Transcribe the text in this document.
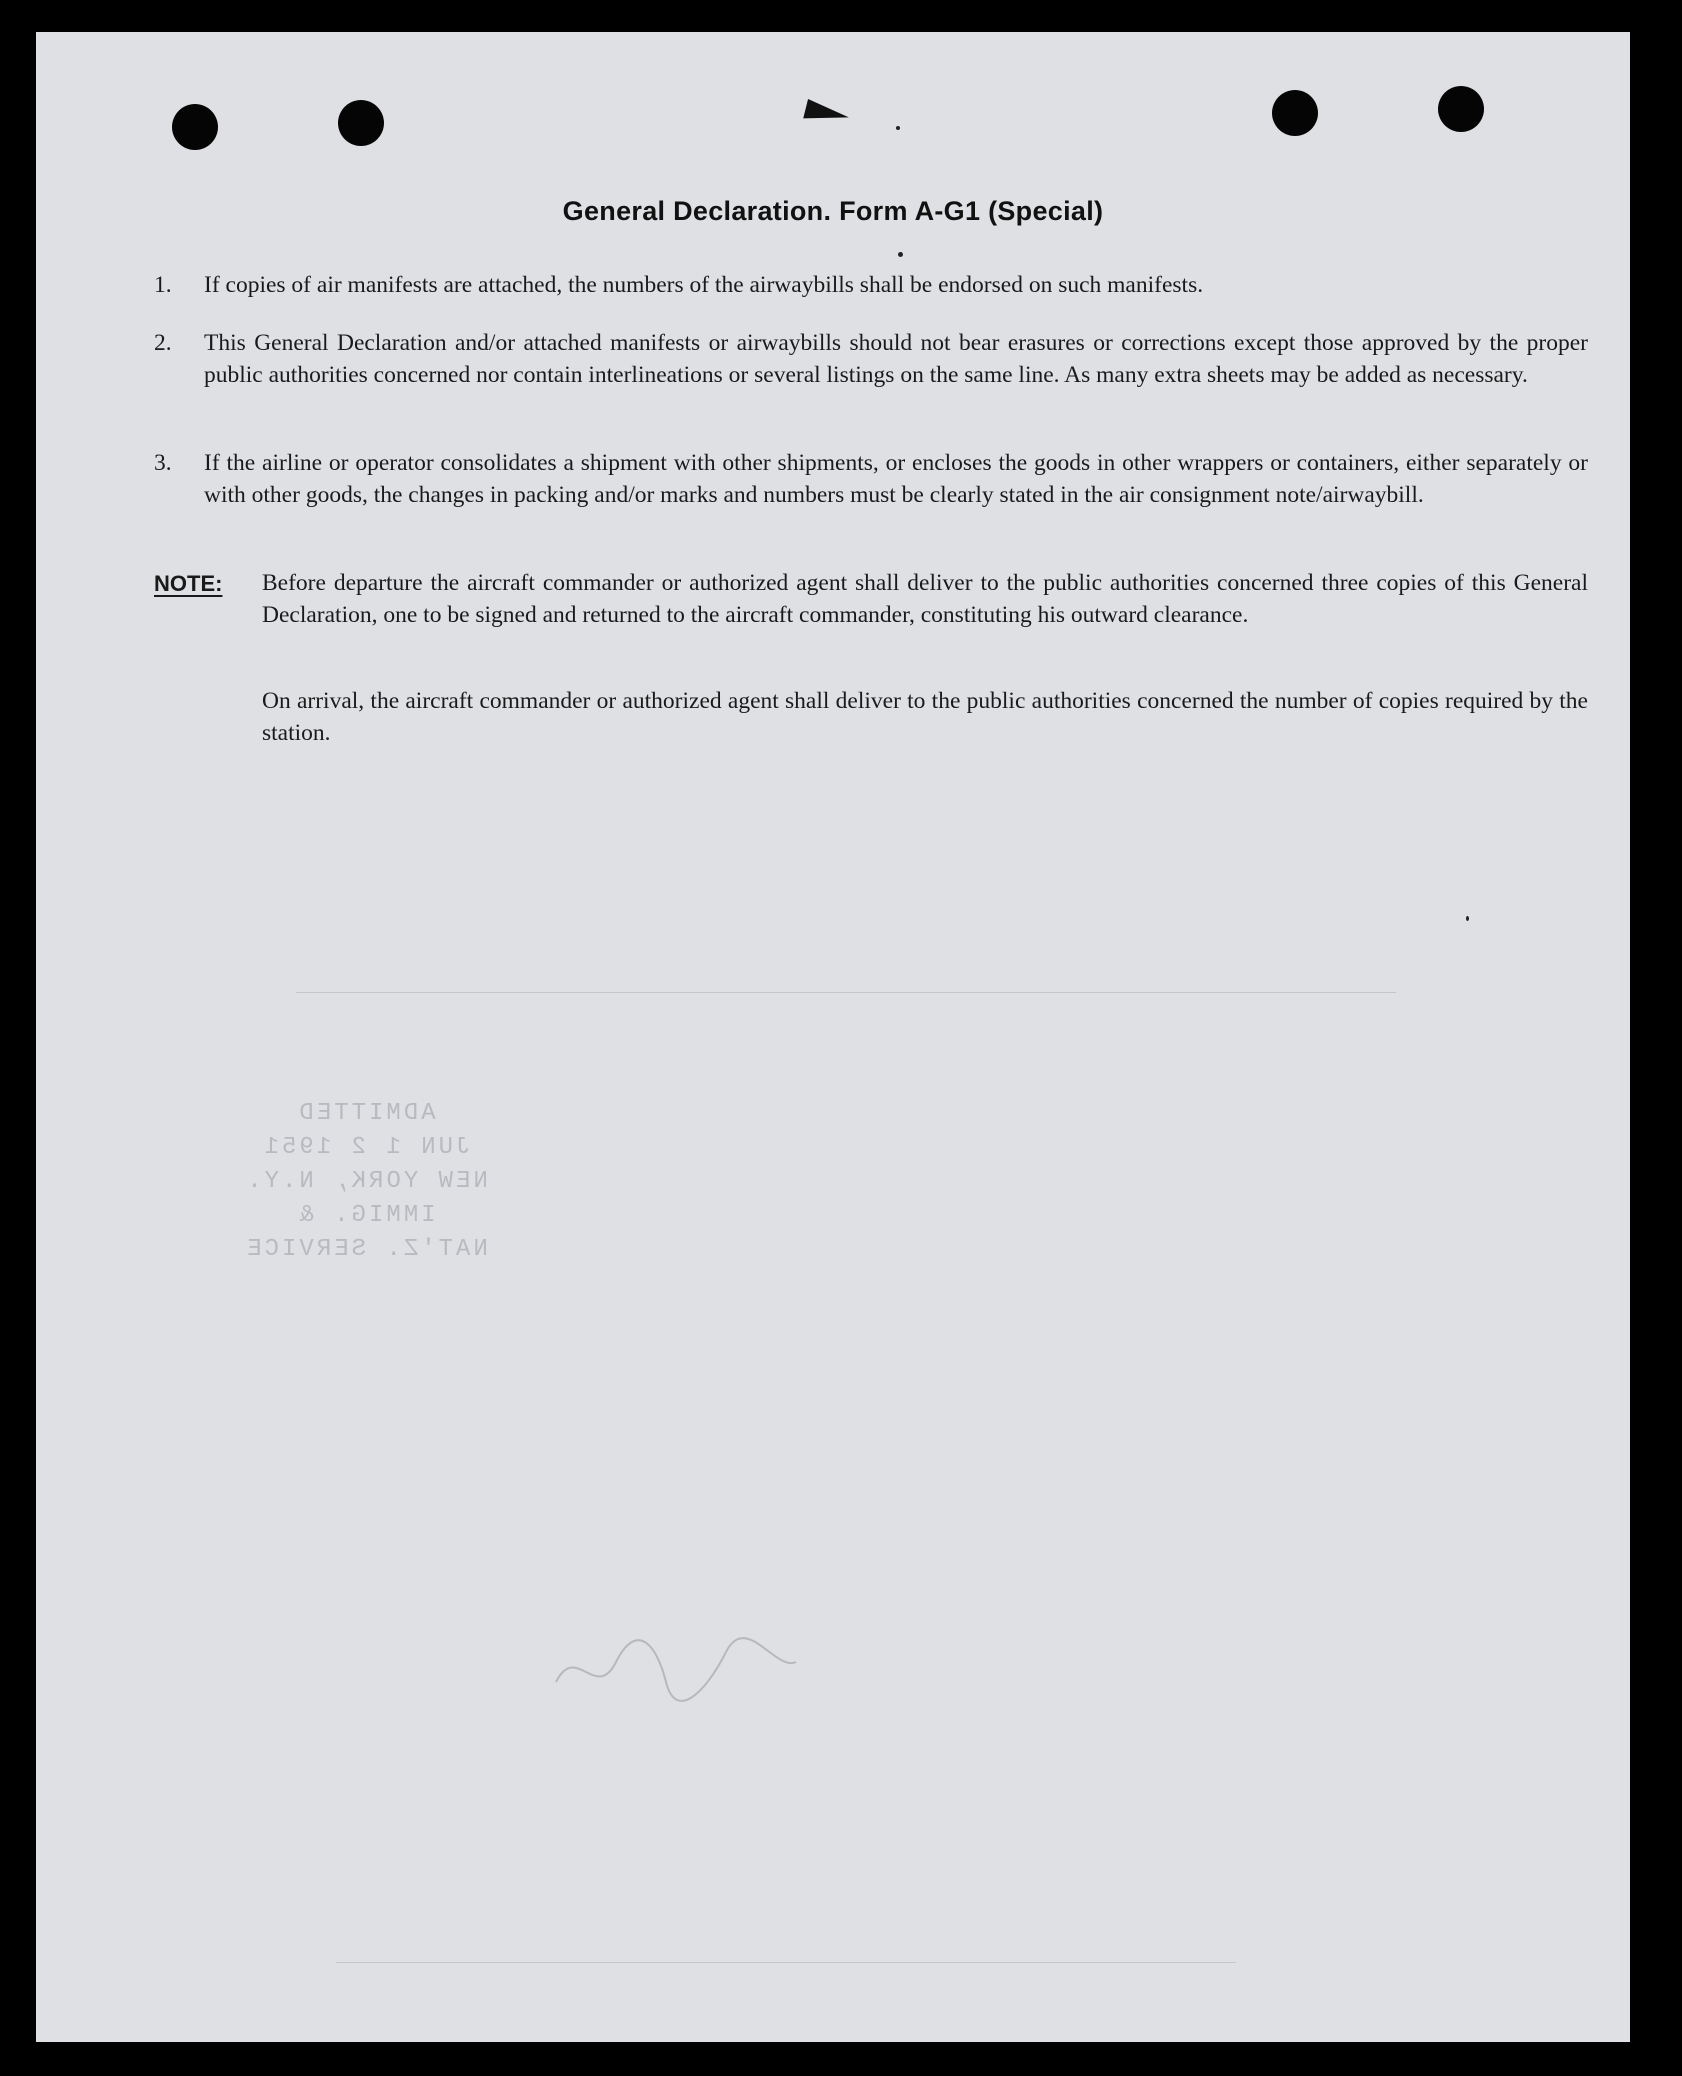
General Declaration. Form A-G1 (Special)
1. If copies of air manifests are attached, the numbers of the airwaybills shall be endorsed on such manifests.
2. This General Declaration and/or attached manifests or airwaybills should not bear erasures or corrections except those approved by the proper public authorities concerned nor contain interlineations or several listings on the same line. As many extra sheets may be added as necessary.
3. If the airline or operator consolidates a shipment with other shipments, or encloses the goods in other wrappers or containers, either separately or with other goods, the changes in packing and/or marks and numbers must be clearly stated in the air consignment note/airwaybill.
NOTE: Before departure the aircraft commander or authorized agent shall deliver to the public authorities concerned three copies of this General Declaration, one to be signed and returned to the aircraft commander, constituting his outward clearance.
On arrival, the aircraft commander or authorized agent shall deliver to the public authorities concerned the number of copies required by the station.
ADMITTED
JUN 1 2 1951
NEW YORK, N.Y.
IMMIG. & NAT'Z. SERVICE
